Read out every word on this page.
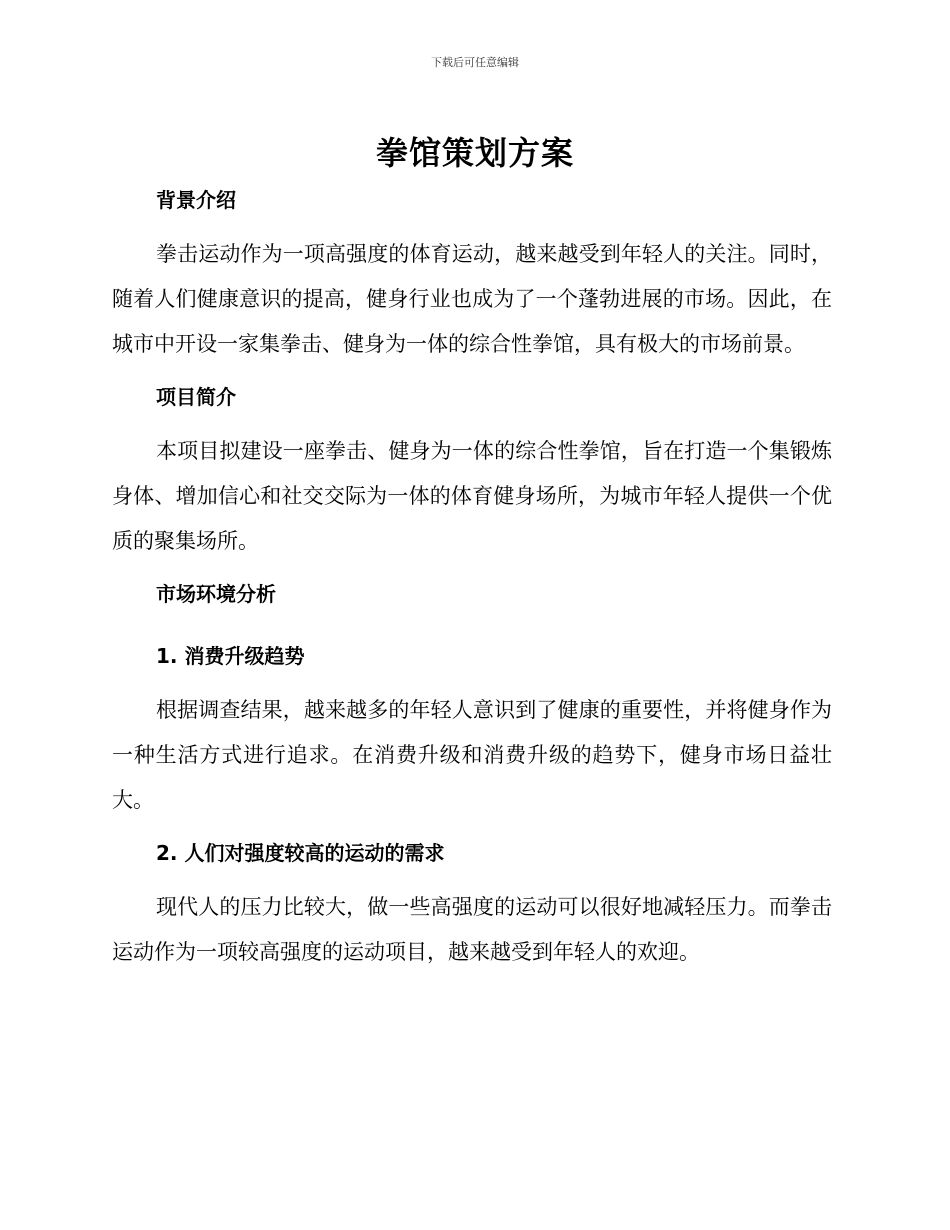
下载后可任意编辑
拳馆策划方案
背景介绍

拳击运动作为一项高强度的体育运动，越来越受到年轻人的关注。同时，随着人们健康意识的提高，健身行业也成为了一个蓬勃进展的市场。因此，在城市中开设一家集拳击、健身为一体的综合性拳馆，具有极大的市场前景。

项目简介

本项目拟建设一座拳击、健身为一体的综合性拳馆，旨在打造一个集锻炼身体、增加信心和社交交际为一体的体育健身场所，为城市年轻人提供一个优质的聚集场所。

市场环境分析
1. 消费升级趋势

根据调查结果，越来越多的年轻人意识到了健康的重要性，并将健身作为一种生活方式进行追求。在消费升级和消费升级的趋势下，健身市场日益壮大。

2. 人们对强度较高的运动的需求

现代人的压力比较大，做一些高强度的运动可以很好地减轻压力。而拳击运动作为一项较高强度的运动项目，越来越受到年轻人的欢迎。
